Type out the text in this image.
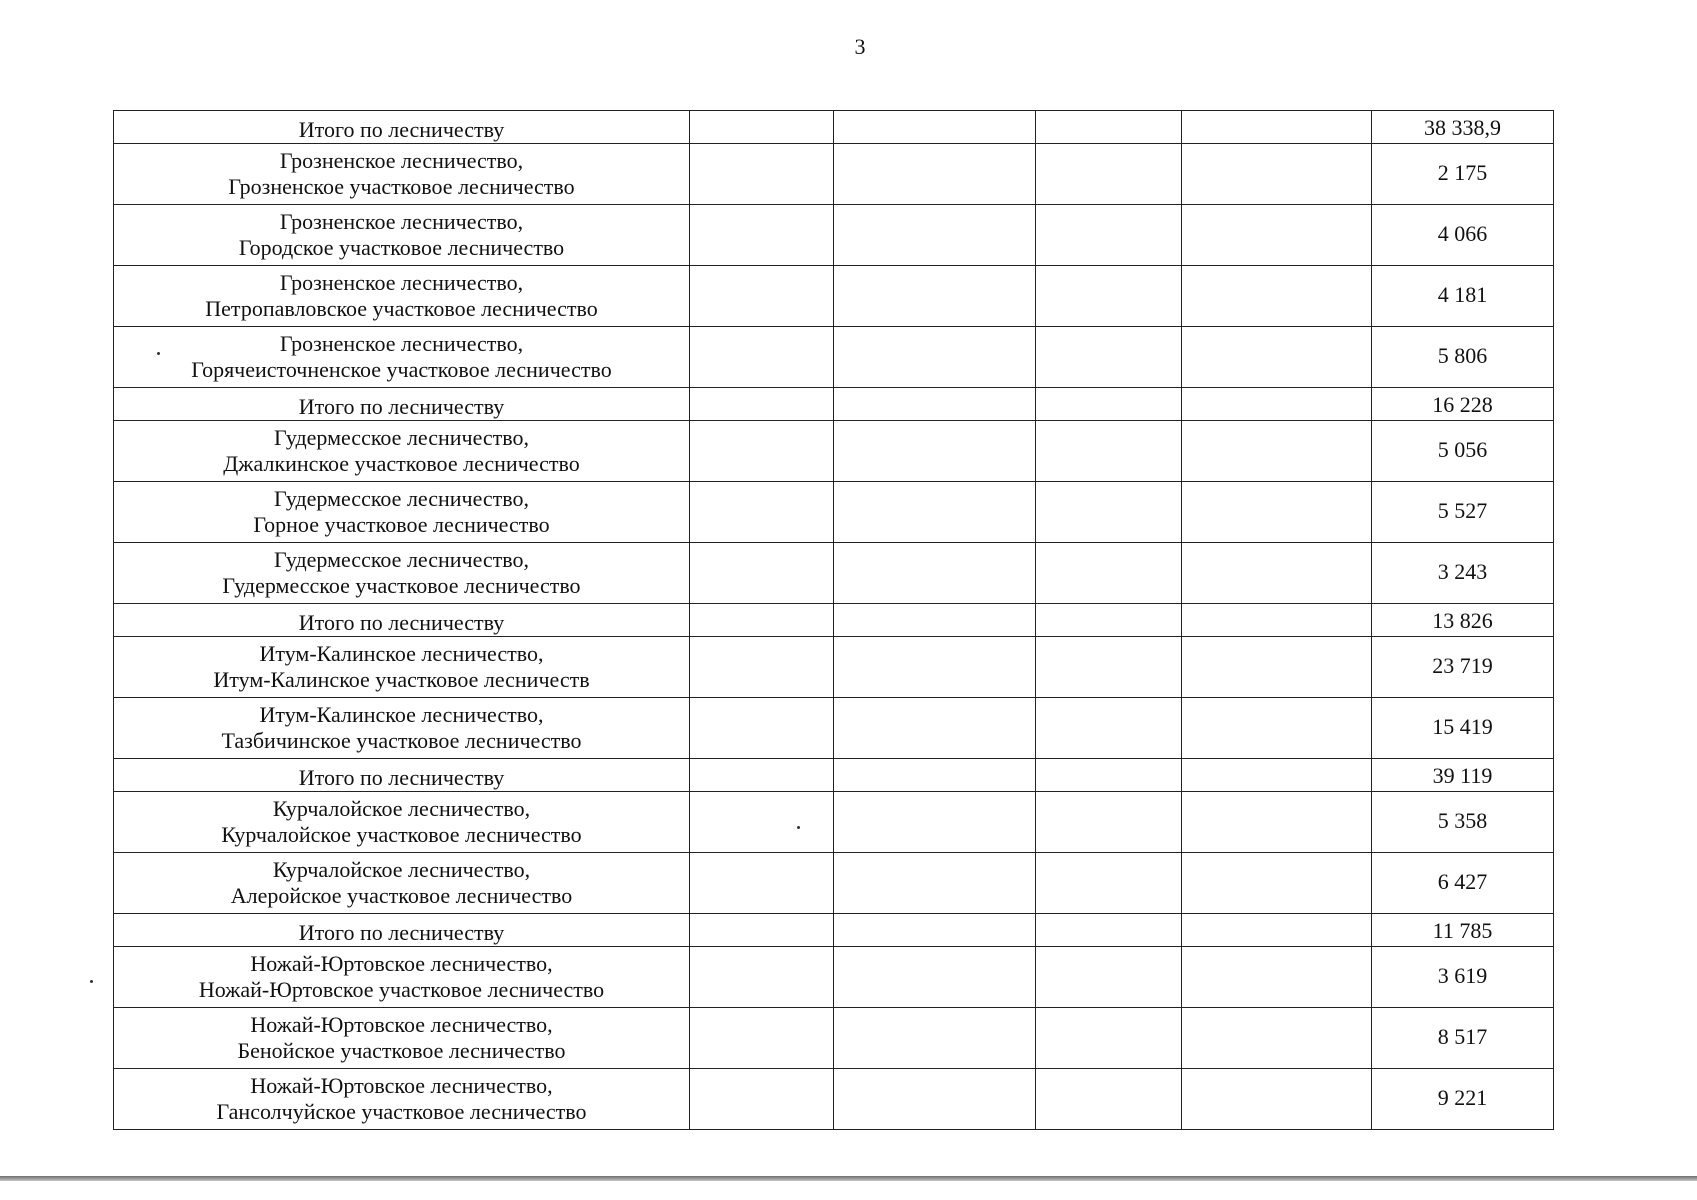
3
Итого по лесничеству					38 338,9

Грозненское лесничество,
Грозненское участковое лесничество					2 175

Грозненское лесничество,
Городское участковое лесничество					4 066

Грозненское лесничество,
Петропавловское участковое лесничество					4 181

Грозненское лесничество,
Горячеисточненское участковое лесничество					5 806

Итого по лесничеству					16 228

Гудермесское лесничество,
Джалкинское участковое лесничество					5 056

Гудермесское лесничество,
Горное участковое лесничество					5 527

Гудермесское лесничество,
Гудермесское участковое лесничество					3 243

Итого по лесничеству					13 826

Итум-Калинское лесничество,
Итум-Калинское участковое лесничеств					23 719

Итум-Калинское лесничество,
Тазбичинское участковое лесничество					15 419

Итого по лесничеству					39 119

Курчалойское лесничество,
Курчалойское участковое лесничество					5 358

Курчалойское лесничество,
Алеройское участковое лесничество					6 427

Итого по лесничеству					11 785

Ножай-Юртовское лесничество,
Ножай-Юртовское участковое лесничество					3 619

Ножай-Юртовское лесничество,
Бенойское участковое лесничество					8 517

Ножай-Юртовское лесничество,
Гансолчуйское участковое лесничество					9 221
